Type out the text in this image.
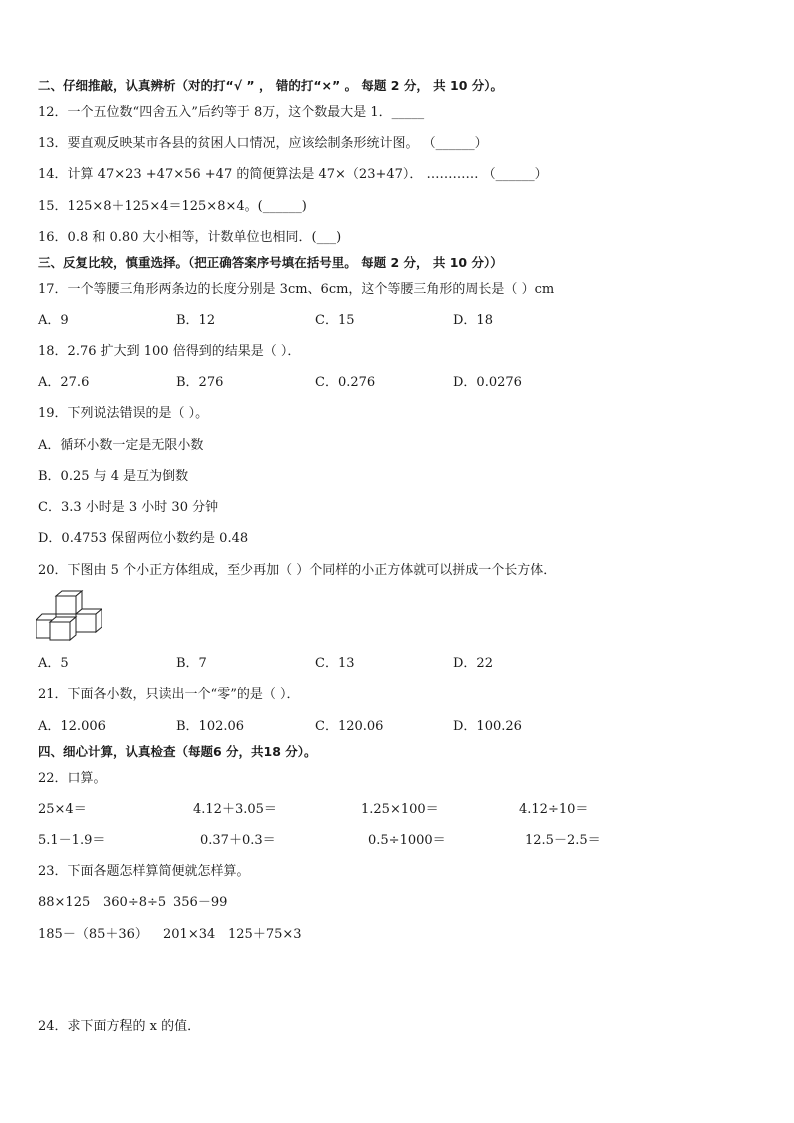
二、仔细推敲，认真辨析（对的打“√ ” ， 错的打“×” 。 每题 2 分， 共 10 分）。
12．一个五位数“四舍五入”后约等于 8万，这个数最大是 1．_____
13．要直观反映某市各县的贫困人口情况，应该绘制条形统计图。 （______）
14．计算 47×23 +47×56 +47 的简便算法是 47×（23+47）． ………… （______）
15．125×8＋125×4＝125×8×4。(______)
16．0.8 和 0.80 大小相等，计数单位也相同．(___)
三、反复比较，慎重选择。（把正确答案序号填在括号里。 每题 2 分， 共 10 分））
17．一个等腰三角形两条边的长度分别是 3cm、6cm，这个等腰三角形的周长是（ ）cm
A．9	B．12	C．15	D．18
18．2.76 扩大到 100 倍得到的结果是（ ）．
A．27.6	B．276	C．0.276	D．0.0276
19．下列说法错误的是（ ）。
A．循环小数一定是无限小数
B．0.25 与 4 是互为倒数
C．3.3 小时是 3 小时 30 分钟
D．0.4753 保留两位小数约是 0.48
20．下图由 5 个小正方体组成，至少再加（ ）个同样的小正方体就可以拼成一个长方体．
A．5	B．7	C．13	D．22
21．下面各小数，只读出一个“零”的是（ ）．
A．12.006	B．102.06	C．120.06	D．100.26
四、细心计算，认真检查（每题6 分，共18 分）。
22．口算。
25×4＝	4.12＋3.05＝	1.25×100＝	4.12÷10＝
5.1－1.9＝	0.37＋0.3＝	0.5÷1000＝	12.5－2.5＝
23．下面各题怎样算简便就怎样算。
88×125 360÷8÷5 356－99
185－（85＋36） 201×34 125＋75×3
24．求下面方程的 x 的值．
